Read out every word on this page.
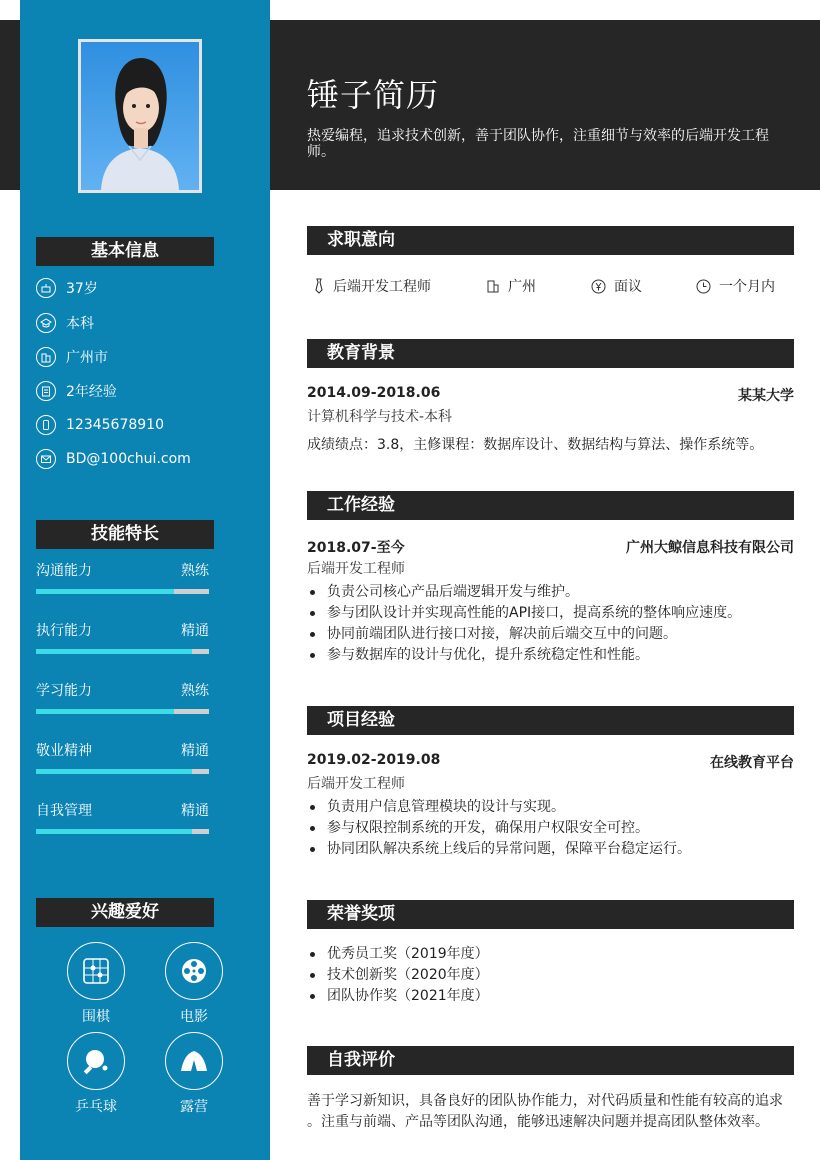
基本信息
37岁
本科
广州市
2年经验
12345678910
BD@100chui.com
技能特长
沟通能力	熟练
执行能力	精通
学习能力	熟练
敬业精神	精通
自我管理	精通
兴趣爱好
围棋	电影
乒乓球	露营
锤子简历
热爱编程，追求技术创新，善于团队协作，注重细节与效率的后端开发工程师。
求职意向
后端开发工程师	广州	面议	一个月内
教育背景
2014.09-2018.06	某某大学
计算机科学与技术-本科
成绩绩点：3.8，主修课程：数据库设计、数据结构与算法、操作系统等。
工作经验
2018.07-至今	广州大鲸信息科技有限公司
后端开发工程师
负责公司核心产品后端逻辑开发与维护。
参与团队设计并实现高性能的API接口，提高系统的整体响应速度。
协同前端团队进行接口对接，解决前后端交互中的问题。
参与数据库的设计与优化，提升系统稳定性和性能。
项目经验
2019.02-2019.08	在线教育平台
后端开发工程师
负责用户信息管理模块的设计与实现。
参与权限控制系统的开发，确保用户权限安全可控。
协同团队解决系统上线后的异常问题，保障平台稳定运行。
荣誉奖项
优秀员工奖（2019年度）
技术创新奖（2020年度）
团队协作奖（2021年度）
自我评价
善于学习新知识，具备良好的团队协作能力，对代码质量和性能有较高的追求
。注重与前端、产品等团队沟通，能够迅速解决问题并提高团队整体效率。
